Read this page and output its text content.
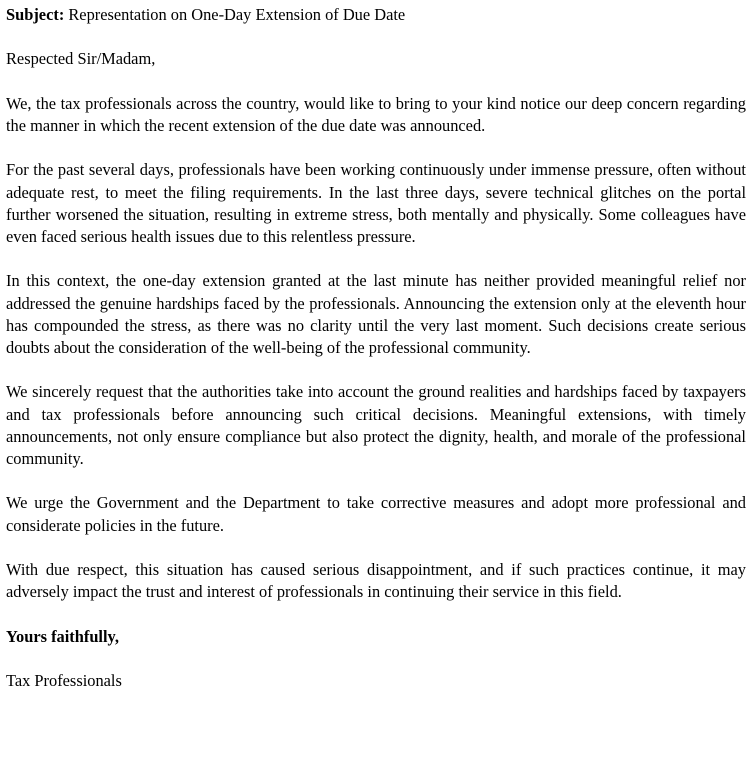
Subject: Representation on One-Day Extension of Due Date

Respected Sir/Madam,

We, the tax professionals across the country, would like to bring to your kind notice our deep concern regarding the manner in which the recent extension of the due date was announced.

For the past several days, professionals have been working continuously under immense pressure, often without adequate rest, to meet the filing requirements. In the last three days, severe technical glitches on the portal further worsened the situation, resulting in extreme stress, both mentally and physically. Some colleagues have even faced serious health issues due to this relentless pressure.

In this context, the one-day extension granted at the last minute has neither provided meaningful relief nor addressed the genuine hardships faced by the professionals. Announcing the extension only at the eleventh hour has compounded the stress, as there was no clarity until the very last moment. Such decisions create serious doubts about the consideration of the well-being of the professional community.

We sincerely request that the authorities take into account the ground realities and hardships faced by taxpayers and tax professionals before announcing such critical decisions. Meaningful extensions, with timely announcements, not only ensure compliance but also protect the dignity, health, and morale of the professional community.

We urge the Government and the Department to take corrective measures and adopt more professional and considerate policies in the future.

With due respect, this situation has caused serious disappointment, and if such practices continue, it may adversely impact the trust and interest of professionals in continuing their service in this field.

Yours faithfully,

Tax Professionals
